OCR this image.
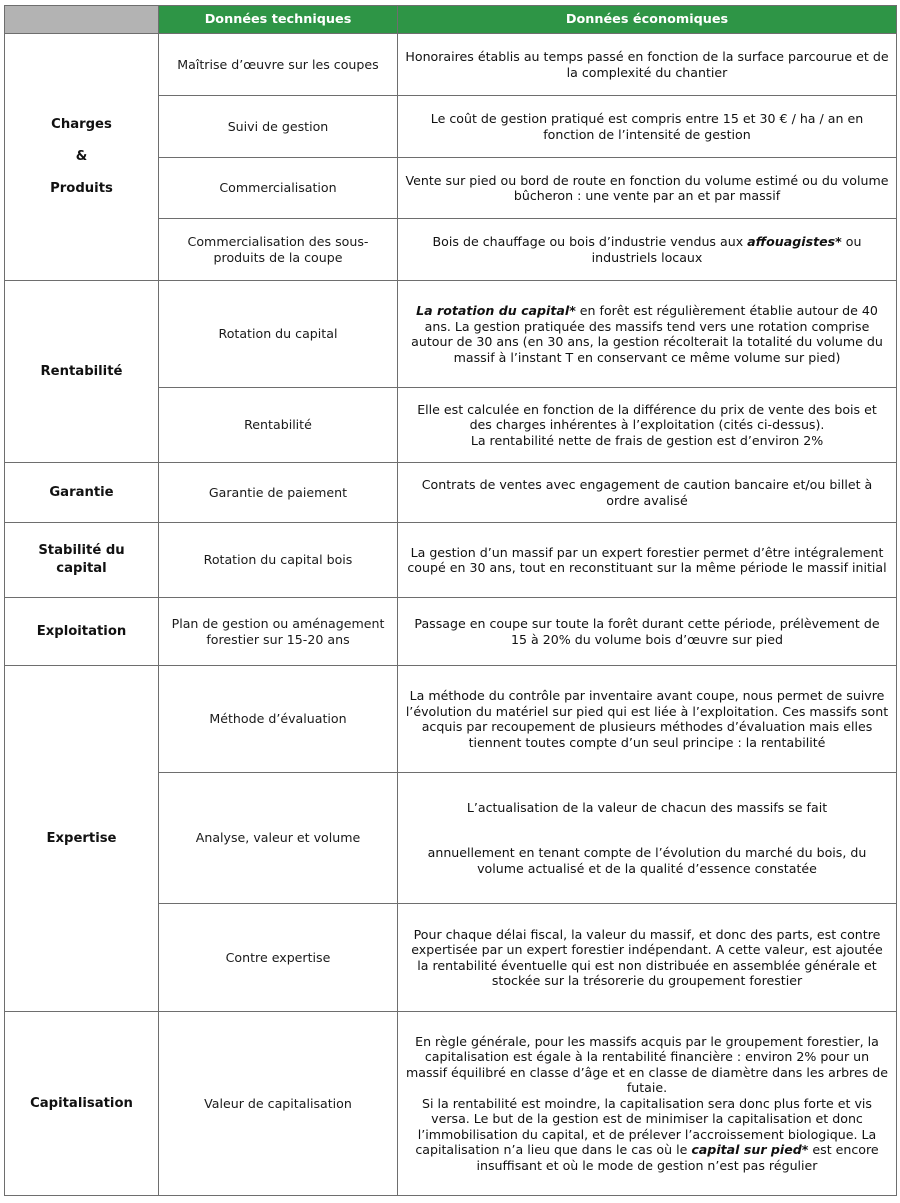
	Données techniques	Données économiques

Charges
&
Produits	Maîtrise d’œuvre sur les coupes	Honoraires établis au temps passé en fonction de la surface parcourue et de la complexité du chantier
	Suivi de gestion	Le coût de gestion pratiqué est compris entre 15 et 30 € / ha / an en fonction de l’intensité de gestion
	Commercialisation	Vente sur pied ou bord de route en fonction du volume estimé ou du volume bûcheron : une vente par an et par massif
	Commercialisation des sous-produits de la coupe	Bois de chauffage ou bois d’industrie vendus aux affouagistes* ou industriels locaux
Rentabilité	Rotation du capital	La rotation du capital* en forêt est régulièrement établie autour de 40 ans. La gestion pratiquée des massifs tend vers une rotation comprise autour de 30 ans (en 30 ans, la gestion récolterait la totalité du volume du massif à l’instant T en conservant ce même volume sur pied)
	Rentabilité	Elle est calculée en fonction de la différence du prix de vente des bois et des charges inhérentes à l’exploitation (cités ci-dessus).
La rentabilité nette de frais de gestion est d’environ 2%

Garantie	Garantie de paiement	Contrats de ventes avec engagement de caution bancaire et/ou billet à ordre avalisé
Stabilité du capital	Rotation du capital bois	La gestion d’un massif par un expert forestier permet d’être intégralement coupé en 30 ans, tout en reconstituant sur la même période le massif initial
Exploitation	Plan de gestion ou aménagement forestier sur 15-20 ans	Passage en coupe sur toute la forêt durant cette période, prélèvement de 15 à 20% du volume bois d’œuvre sur pied
Expertise	Méthode d’évaluation	La méthode du contrôle par inventaire avant coupe, nous permet de suivre l’évolution du matériel sur pied qui est liée à l’exploitation. Ces massifs sont acquis par recoupement de plusieurs méthodes d’évaluation mais elles tiennent toutes compte d’un seul principe : la rentabilité
	Analyse, valeur et volume	L’actualisation de la valeur de chacun des massifs se fait
annuellement en tenant compte de l’évolution du marché du bois, du volume actualisé et de la qualité d’essence constatée

	Contre expertise	Pour chaque délai fiscal, la valeur du massif, et donc des parts, est contre expertisée par un expert forestier indépendant. A cette valeur, est ajoutée la rentabilité éventuelle qui est non distribuée en assemblée générale et stockée sur la trésorerie du groupement forestier
Capitalisation	Valeur de capitalisation	En règle générale, pour les massifs acquis par le groupement forestier, la capitalisation est égale à la rentabilité financière : environ 2% pour un massif équilibré en classe d’âge et en classe de diamètre dans les arbres de futaie.
Si la rentabilité est moindre, la capitalisation sera donc plus forte et vis versa. Le but de la gestion est de minimiser la capitalisation et donc l’immobilisation du capital, et de prélever l’accroissement biologique. La capitalisation n’a lieu que dans le cas où le capital sur pied* est encore insuffisant et où le mode de gestion n’est pas régulier
